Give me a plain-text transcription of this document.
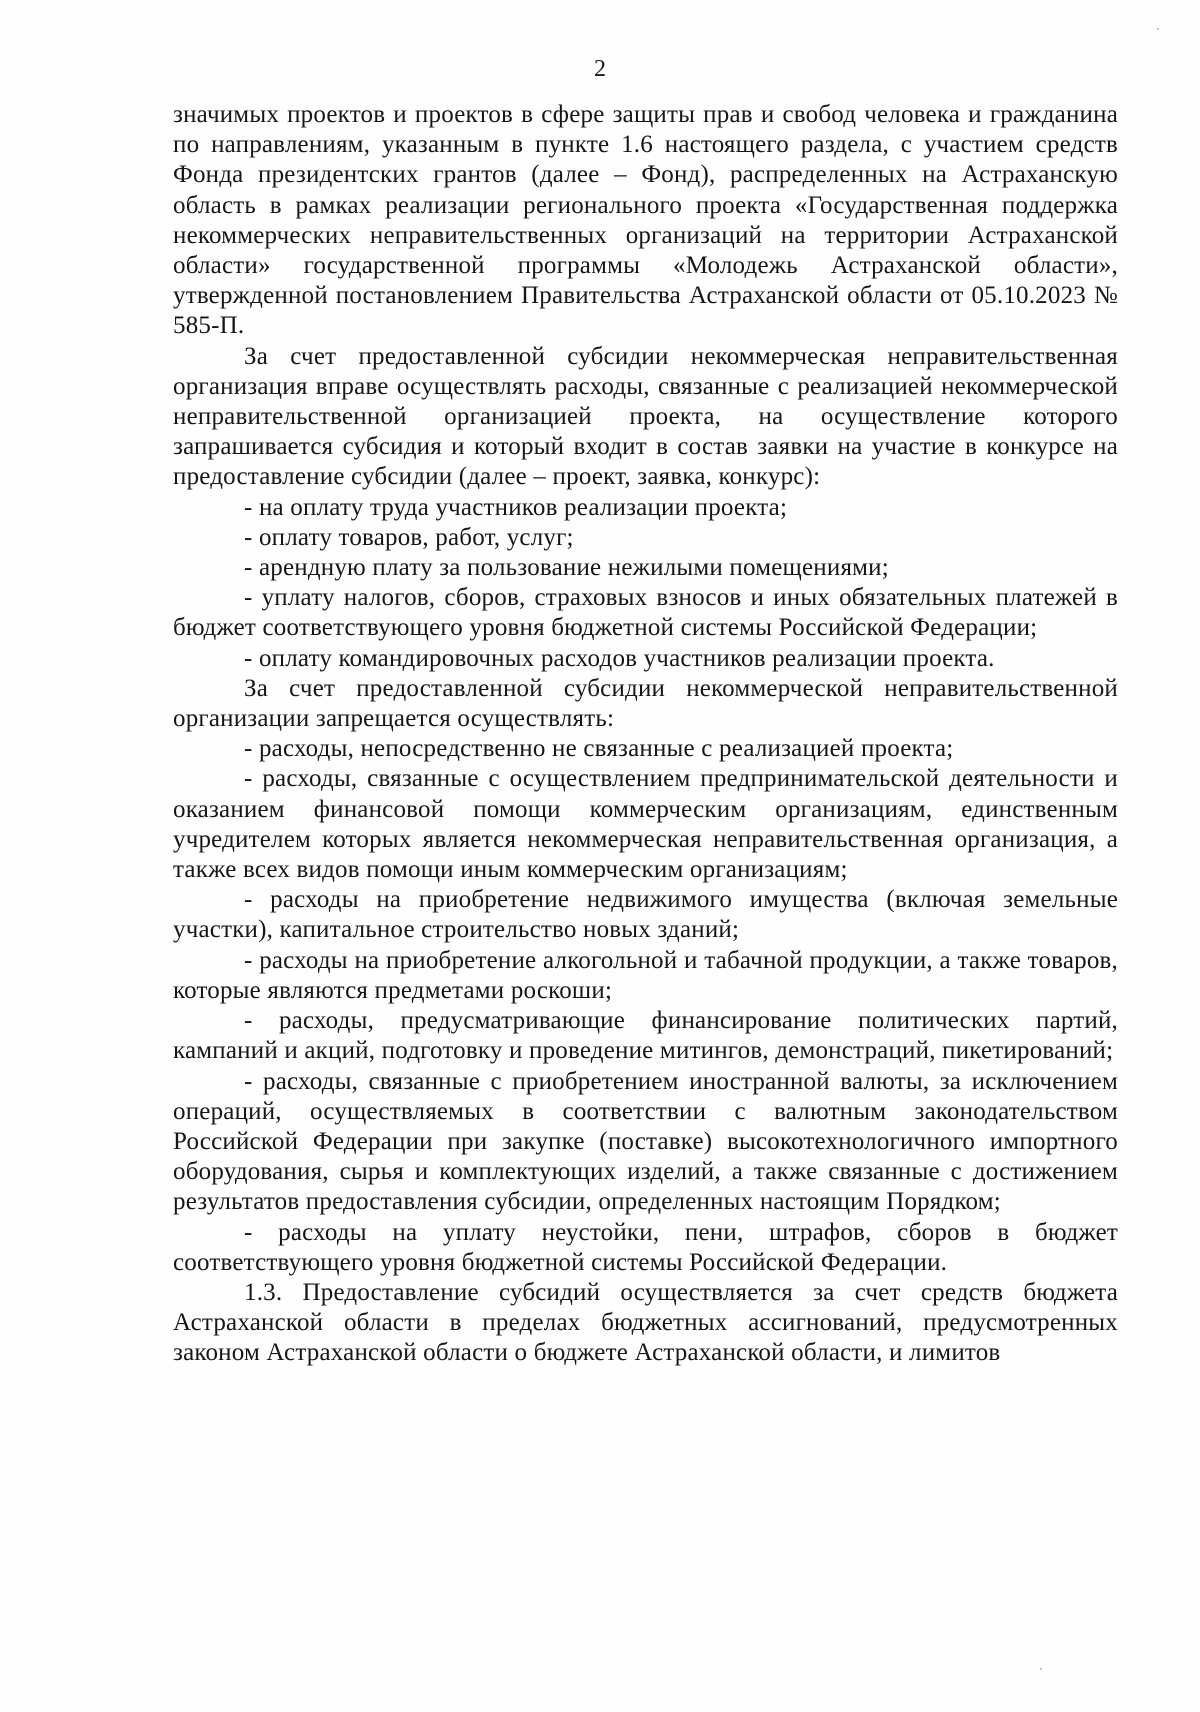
2

значимых проектов и проектов в сфере защиты прав и свобод человека и гражданина по направлениям, указанным в пункте 1.6 настоящего раздела, с участием средств Фонда президентских грантов (далее – Фонд), распределенных на Астраханскую область в рамках реализации регионального проекта «Государственная поддержка некоммерческих неправительственных организаций на территории Астраханской области» государственной программы «Молодежь Астраханской области», утвержденной постановлением Правительства Астраханской области от 05.10.2023 № 585-П.

За счет предоставленной субсидии некоммерческая неправительственная организация вправе осуществлять расходы, связанные с реализацией некоммерческой неправительственной организацией проекта, на осуществление которого запрашивается субсидия и который входит в состав заявки на участие в конкурсе на предоставление субсидии (далее – проект, заявка, конкурс):

- на оплату труда участников реализации проекта;

- оплату товаров, работ, услуг;

- арендную плату за пользование нежилыми помещениями;

- уплату налогов, сборов, страховых взносов и иных обязательных платежей в бюджет соответствующего уровня бюджетной системы Российской Федерации;

- оплату командировочных расходов участников реализации проекта.

За счет предоставленной субсидии некоммерческой неправительственной организации запрещается осуществлять:

- расходы, непосредственно не связанные с реализацией проекта;

- расходы, связанные с осуществлением предпринимательской деятельности и оказанием финансовой помощи коммерческим организациям, единственным учредителем которых является некоммерческая неправительственная организация, а также всех видов помощи иным коммерческим организациям;

- расходы на приобретение недвижимого имущества (включая земельные участки), капитальное строительство новых зданий;

- расходы на приобретение алкогольной и табачной продукции, а также товаров, которые являются предметами роскоши;

- расходы, предусматривающие финансирование политических партий, кампаний и акций, подготовку и проведение митингов, демонстраций, пикетирований;

- расходы, связанные с приобретением иностранной валюты, за исключением операций, осуществляемых в соответствии с валютным законодательством Российской Федерации при закупке (поставке) высокотехнологичного импортного оборудования, сырья и комплектующих изделий, а также связанные с достижением результатов предоставления субсидии, определенных настоящим Порядком;

- расходы на уплату неустойки, пени, штрафов, сборов в бюджет соответствующего уровня бюджетной системы Российской Федерации.

1.3. Предоставление субсидий осуществляется за счет средств бюджета Астраханской области в пределах бюджетных ассигнований, предусмотренных законом Астраханской области о бюджете Астраханской области, и лимитов
